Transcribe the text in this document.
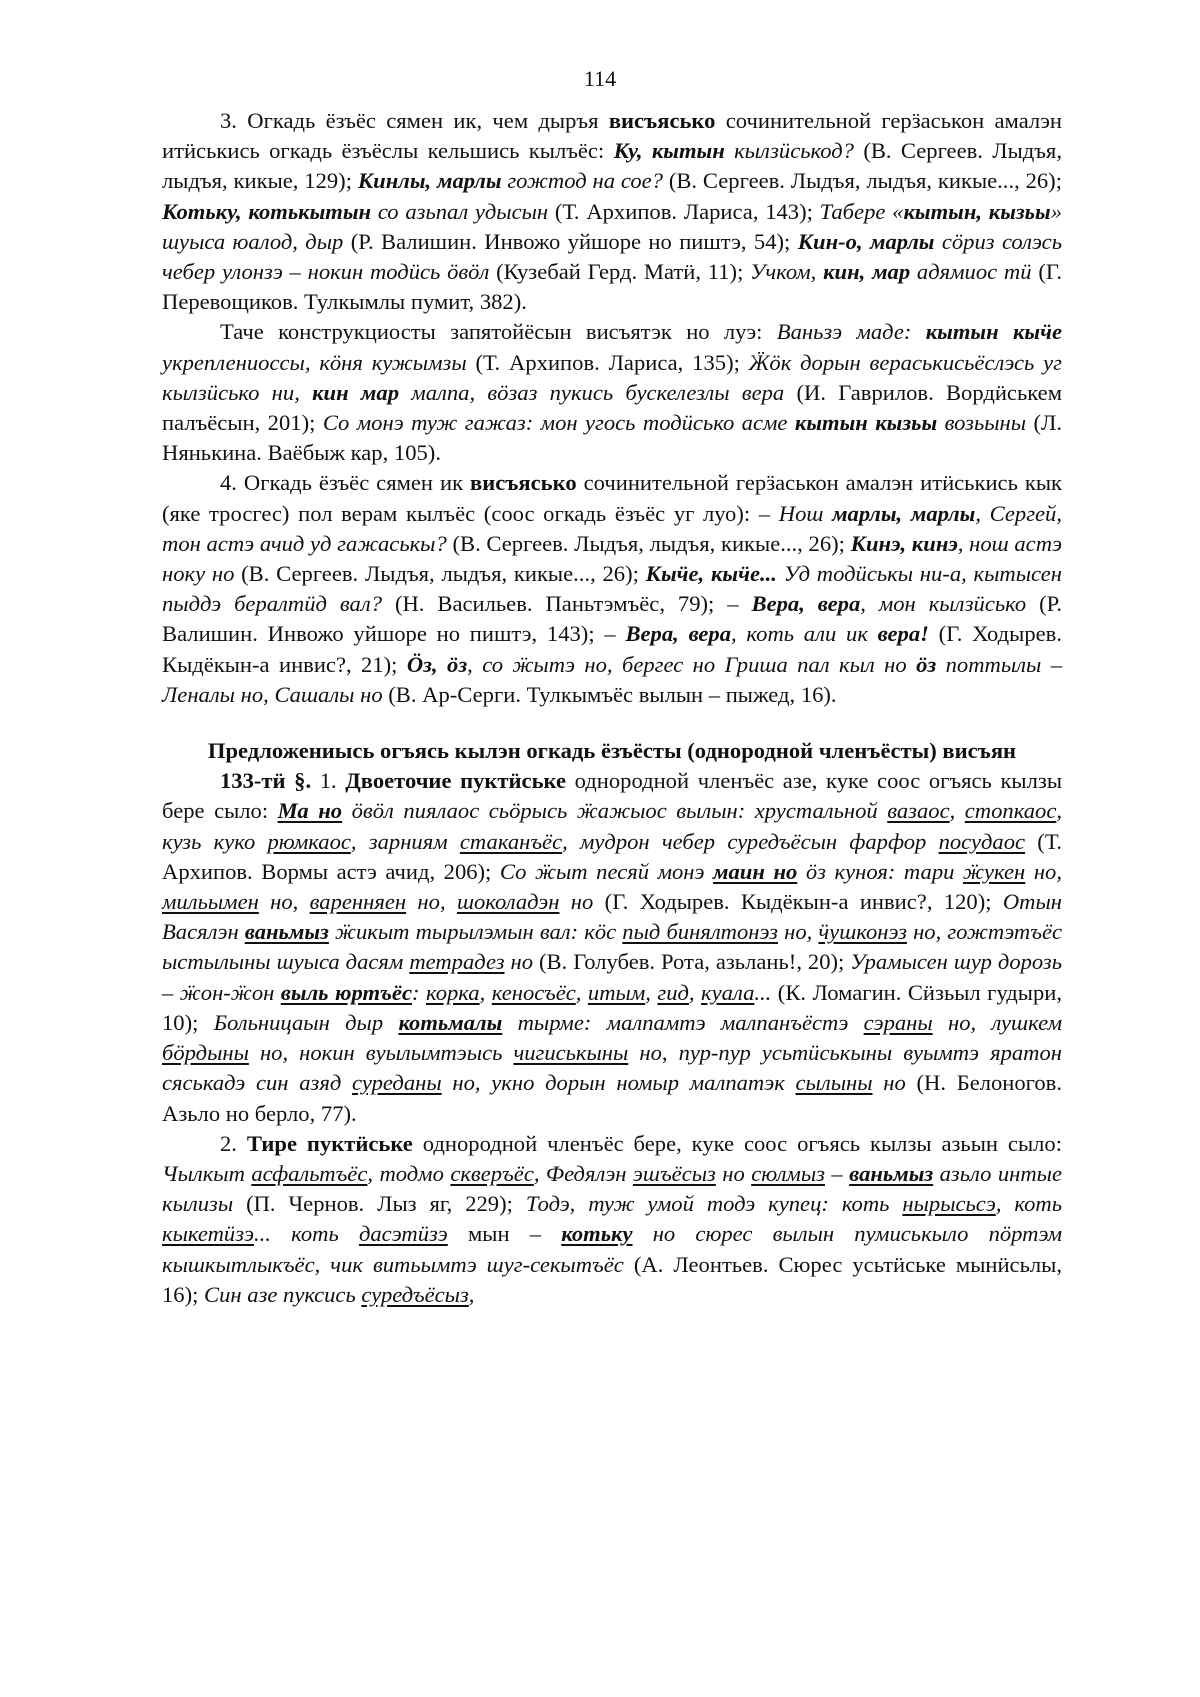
114

3. Огкадь ёзъёс сямен ик, чем дыръя висъясько сочинительной герӟаськон амалэн итӥськись огкадь ёзъёслы кельшись кылъёс: Ку, кытын кылзӥськод? (В. Сергеев. Лыдъя, лыдъя, кикые, 129); Кинлы, марлы гожтод на сое? (В. Сергеев. Лыдъя, лыдъя, кикые..., 26); Котьку, котькытын со азьпал удысын (Т. Архипов. Лариса, 143); Табере «кытын, кызьы» шуыса юалод, дыр (Р. Валишин. Инвожо уйшоре но пиштэ, 54); Кин-о, марлы сӧриз солэсь чебер улонзэ – нокин тодӥсь ӧвӧл (Кузебай Герд. Матӥ, 11); Учком, кин, мар адямиос тӥ (Г. Перевощиков. Тулкымлы пумит, 382).

Таче конструкциосты запятойёсын висъятэк но луэ: Ваньзэ маде: кытын кыӵе укреплениоссы, кӧня кужымзы (Т. Архипов. Лариса, 135); Ӝӧк дорын вераськисьёслэсь уг кылзӥсько ни, кин мар малпа, вӧзаз пукись бускелезлы вера (И. Гаврилов. Вордӥськем палъёсын, 201); Со монэ туж гажаз: мон угось тодӥсько асме кытын кызьы возьыны (Л. Нянькина. Ваёбыж кар, 105).

4. Огкадь ёзъёс сямен ик висъясько сочинительной герӟаськон амалэн итӥськись кык (яке тросгес) пол верам кылъёс (соос огкадь ёзъёс уг луо): – Нош марлы, марлы, Сергей, тон астэ ачид уд гажаськы? (В. Сергеев. Лыдъя, лыдъя, кикые..., 26); Кинэ, кинэ, нош астэ ноку но (В. Сергеев. Лыдъя, лыдъя, кикые..., 26); Кыӵе, кыӵе... Уд тодӥськы ни-а, кытысен пыддэ бералтӥд вал? (Н. Васильев. Паньтэмъёс, 79); – Вера, вера, мон кылзӥсько (Р. Валишин. Инвожо уйшоре но пиштэ, 143); – Вера, вера, коть али ик вера! (Г. Ходырев. Кыдёкын-а инвис?, 21); Ӧз, ӧз, со ӝытэ но, бергес но Гриша пал кыл но ӧз поттылы – Леналы но, Сашалы но (В. Ар-Серги. Тулкымъёс вылын – пыжед, 16).

Предложениысь огъясь кылэн огкадь ёзъёсты (однородной членъёсты) висъян

133-тӥ §. 1. Двоеточие пуктӥське однородной членъёс азе, куке соос огъясь кылзы бере сыло: Ма но ӧвӧл пиялаос сьӧрысь ӝажыос вылын: хрустальной вазаос, стопкаос, кузь куко рюмкаос, зарниям стаканъёс, мудрон чебер суредъёсын фарфор посудаос (Т. Архипов. Вормы астэ ачид, 206); Со ӝыт песяй монэ маин но ӧз куноя: тари ӝукен но, мильымен но, варенняен но, шоколадэн но (Г. Ходырев. Кыдёкын-а инвис?, 120); Отын Васялэн ваньмыз ӝикыт тырылэмын вал: кӧс пыд бинялтонэз но, ӵушконэз но, гожтэтъёс ыстылыны шуыса дасям тетрадез но (В. Голубев. Рота, азьлань!, 20); Урамысен шур дорозь – ӝон-ӝон выль юртъёс: корка, кеносъёс, итым, гид, куала... (К. Ломагин. Сӥзьыл гудыри, 10); Больницаын дыр котьмалы тырме: малпамтэ малпанъёстэ сэраны но, лушкем бӧрдыны но, нокин вуылымтэысь чигиськыны но, пур-пур усьтӥськыны вуымтэ яратон сяськадэ син азяд суреданы но, укно дорын номыр малпатэк сылыны но (Н. Белоногов. Азьло но берло, 77).

2. Тире пуктӥське однородной членъёс бере, куке соос огъясь кылзы азьын сыло: Чылкыт асфальтъёс, тодмо скверъёс, Федялэн эшъёсыз но сюлмыз – ваньмыз азьло интые кылизы (П. Чернов. Лыз яг, 229); Тодэ, туж умой тодэ купец: коть нырысьсэ, коть кыкетӥзэ... коть дасэтӥзэ мын – котьку но сюрес вылын пумиськыло пӧртэм кышкытлыкъёс, чик витьымтэ шуг-секытъёс (А. Леонтьев. Сюрес усьтӥське мынӥсьлы, 16); Син азе пуксись суредъёсыз,
